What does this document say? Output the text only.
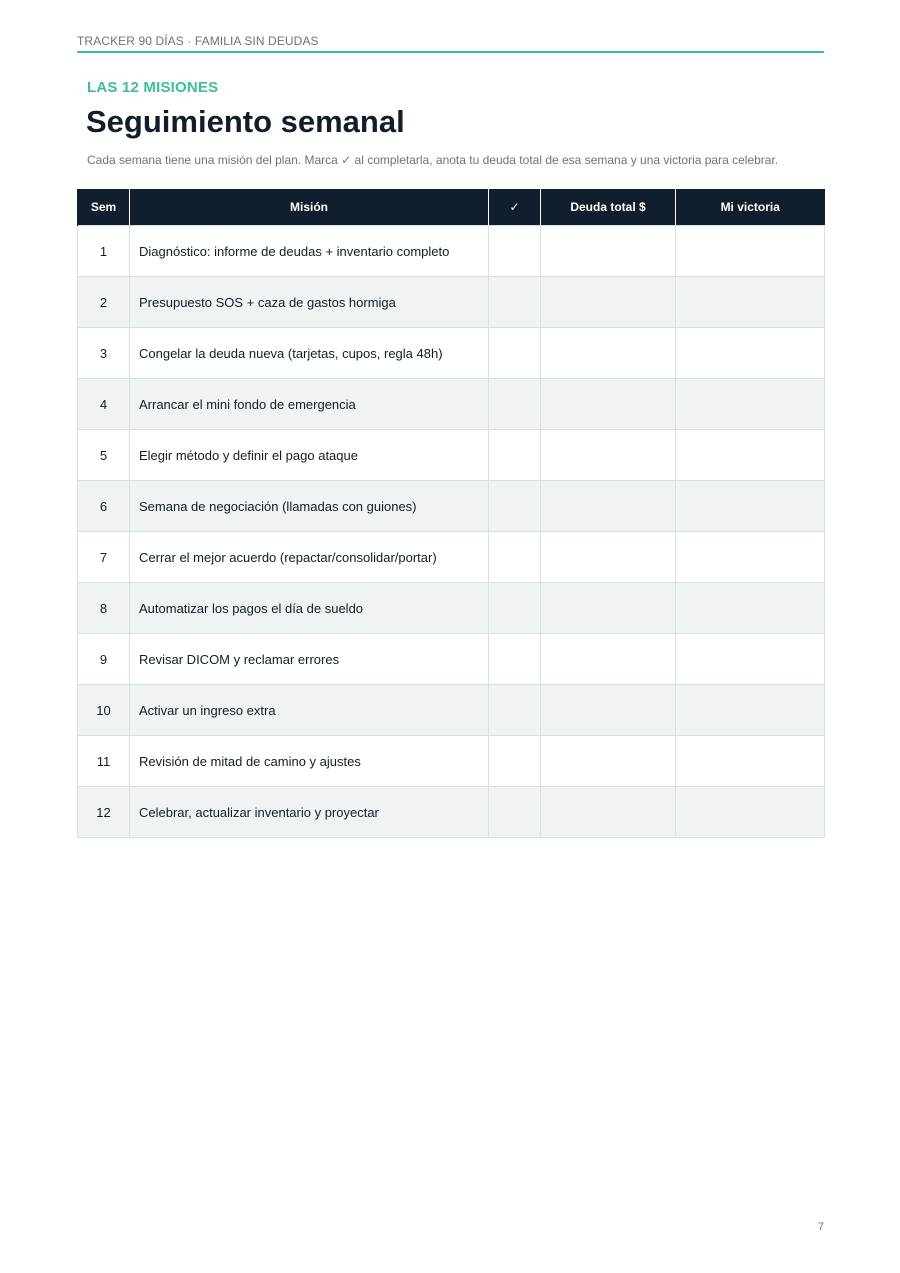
TRACKER 90 DÍAS · FAMILIA SIN DEUDAS
LAS 12 MISIONES
Seguimiento semanal
Cada semana tiene una misión del plan. Marca ✓ al completarla, anota tu deuda total de esa semana y una victoria para celebrar.
Sem	Misión	✓	Deuda total $	Mi victoria
1	Diagnóstico: informe de deudas + inventario completo			
2	Presupuesto SOS + caza de gastos hormiga			
3	Congelar la deuda nueva (tarjetas, cupos, regla 48h)			
4	Arrancar el mini fondo de emergencia			
5	Elegir método y definir el pago ataque			
6	Semana de negociación (llamadas con guiones)			
7	Cerrar el mejor acuerdo (repactar/consolidar/portar)			
8	Automatizar los pagos el día de sueldo			
9	Revisar DICOM y reclamar errores			
10	Activar un ingreso extra			
11	Revisión de mitad de camino y ajustes			
12	Celebrar, actualizar inventario y proyectar			
7
